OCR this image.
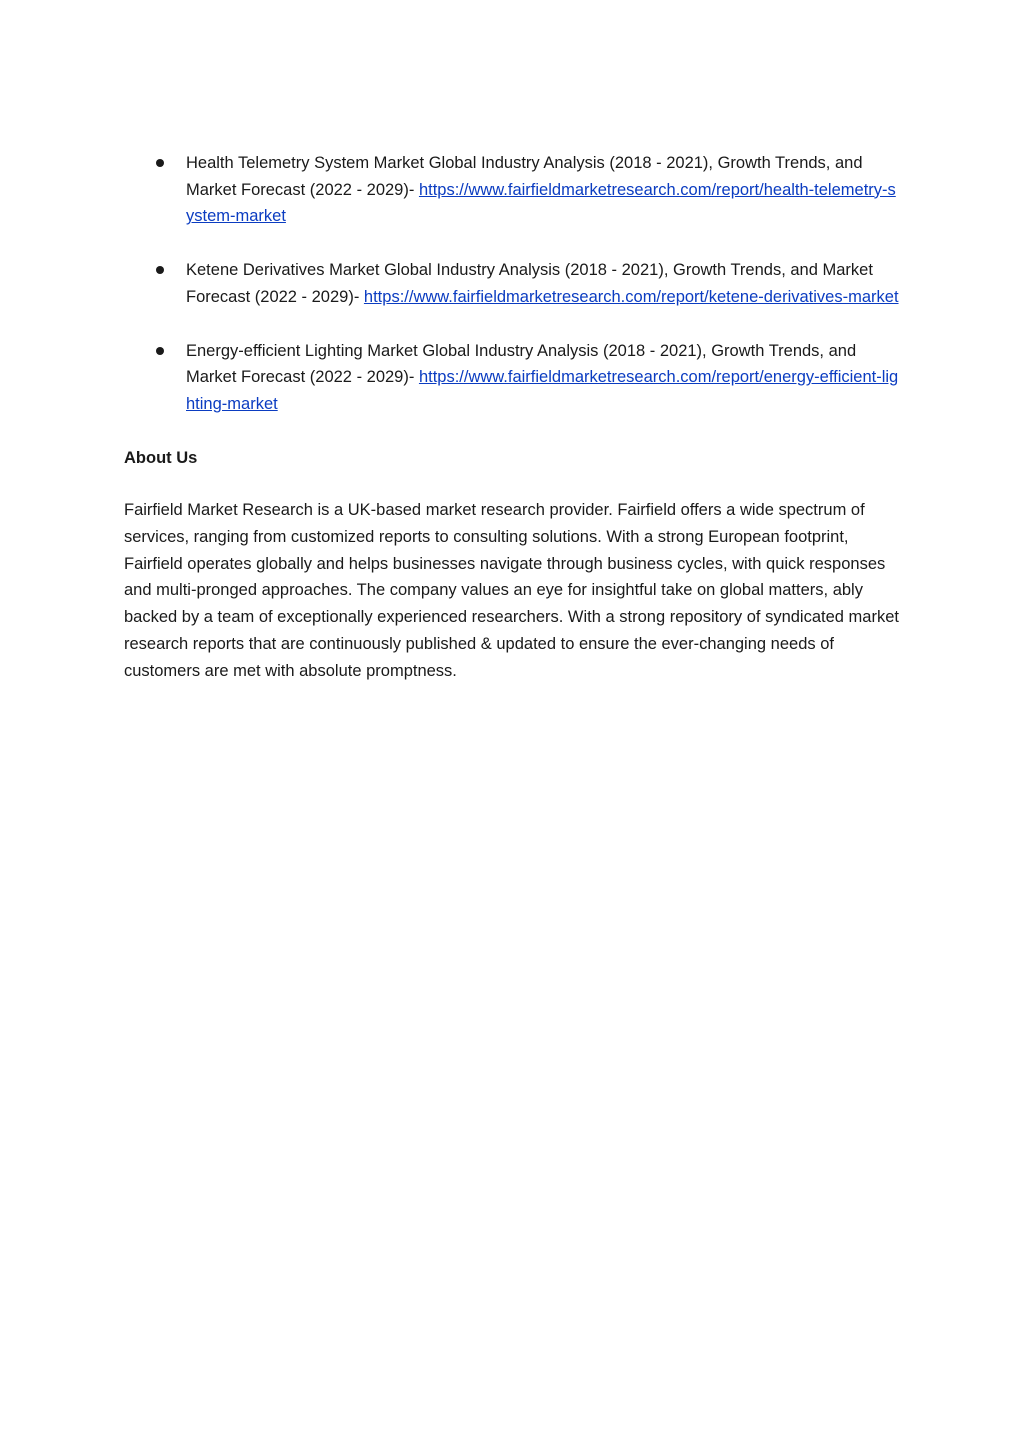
Health Telemetry System Market Global Industry Analysis (2018 - 2021), Growth Trends, and Market Forecast (2022 - 2029)- https://www.fairfieldmarketresearch.com/report/health-telemetry-system-market
Ketene Derivatives Market Global Industry Analysis (2018 - 2021), Growth Trends, and Market Forecast (2022 - 2029)- https://www.fairfieldmarketresearch.com/report/ketene-derivatives-market
Energy-efficient Lighting Market Global Industry Analysis (2018 - 2021), Growth Trends, and Market Forecast (2022 - 2029)- https://www.fairfieldmarketresearch.com/report/energy-efficient-lighting-market

About Us

Fairfield Market Research is a UK-based market research provider. Fairfield offers a wide spectrum of services, ranging from customized reports to consulting solutions. With a strong European footprint, Fairfield operates globally and helps businesses navigate through business cycles, with quick responses and multi-pronged approaches. The company values an eye for insightful take on global matters, ably backed by a team of exceptionally experienced researchers. With a strong repository of syndicated market research reports that are continuously published & updated to ensure the ever-changing needs of customers are met with absolute promptness.
